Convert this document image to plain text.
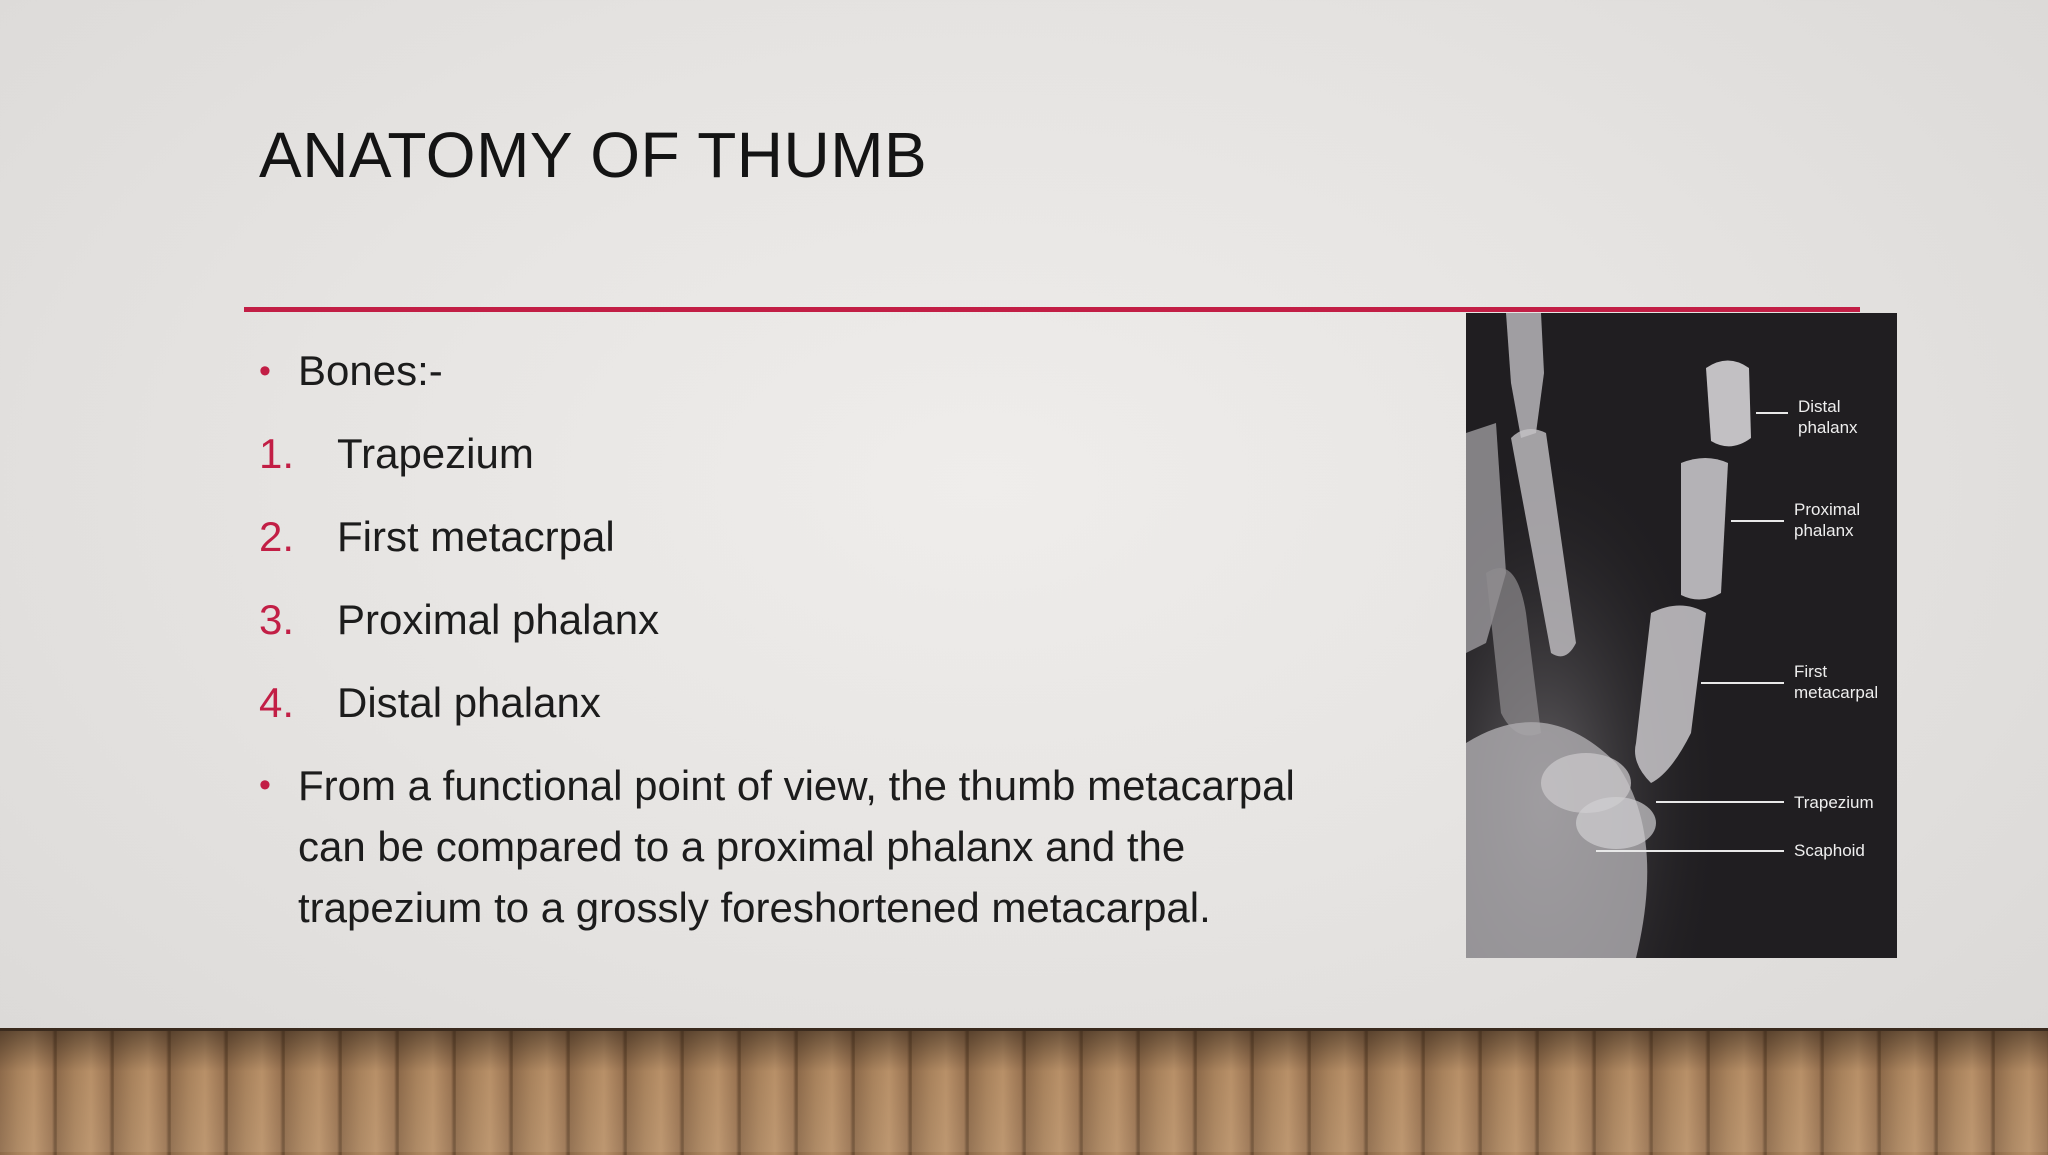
ANATOMY OF THUMB
• Bones:-
1. Trapezium
2. First metacrpal
3. Proximal phalanx
4. Distal phalanx
• From a functional point of view, the thumb metacarpal
can be compared to a proximal phalanx and the
trapezium to a grossly foreshortened metacarpal.
Distal
phalanx
Proximal
phalanx
First
metacarpal
Trapezium
Scaphoid
